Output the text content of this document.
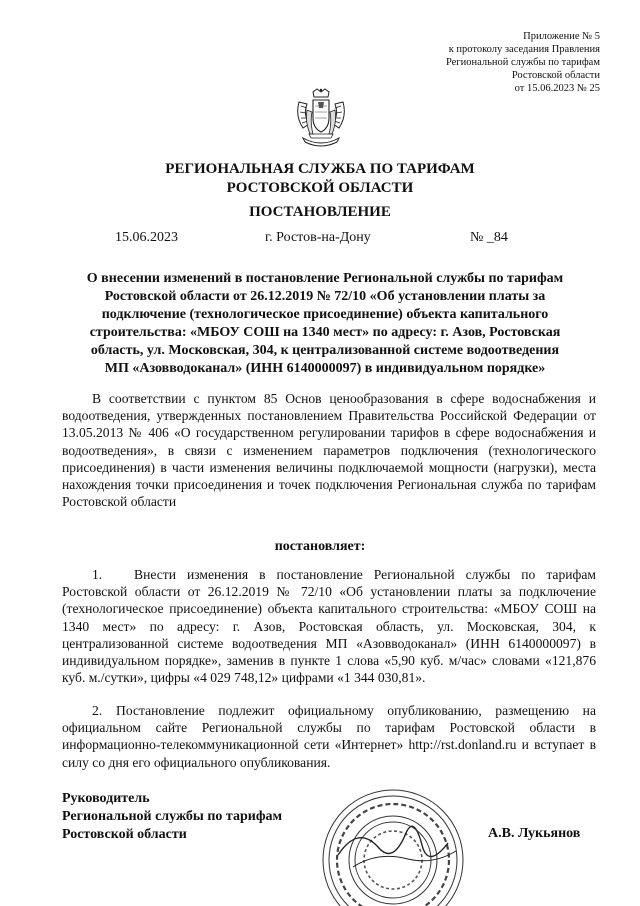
Приложение № 5
к протоколу заседания Правления
Региональной службы по тарифам
Ростовской области
от 15.06.2023 № 25
РЕГИОНАЛЬНАЯ СЛУЖБА ПО ТАРИФАМ
РОСТОВСКОЙ ОБЛАСТИ
ПОСТАНОВЛЕНИЕ
15.06.2023	г. Ростов-на-Дону	№ _84
О внесении изменений в постановление Региональной службы по тарифам
Ростовской области от 26.12.2019 № 72/10 «Об установлении платы за
подключение (технологическое присоединение) объекта капитального
строительства: «МБОУ СОШ на 1340 мест» по адресу: г. Азов, Ростовская
область, ул. Московская, 304, к централизованной системе водоотведения
МП «Азовводоканал» (ИНН 6140000097) в индивидуальном порядке»
В соответствии с пунктом 85 Основ ценообразования в сфере водоснабжения и водоотведения, утвержденных постановлением Правительства Российской Федерации от 13.05.2013 № 406 «О государственном регулировании тарифов в сфере водоснабжения и водоотведения», в связи с изменением параметров подключения (технологического присоединения) в части изменения величины подключаемой мощности (нагрузки), места нахождения точки присоединения и точек подключения Региональная служба по тарифам Ростовской области
постановляет:
1. Внести изменения в постановление Региональной службы по тарифам Ростовской области от 26.12.2019 № 72/10 «Об установлении платы за подключение (технологическое присоединение) объекта капитального строительства: «МБОУ СОШ на 1340 мест» по адресу: г. Азов, Ростовская область, ул. Московская, 304, к централизованной системе водоотведения МП «Азовводоканал» (ИНН 6140000097) в индивидуальном порядке», заменив в пункте 1 слова «5,90 куб. м/час» словами «121,876 куб. м./сутки», цифры «4 029 748,12» цифрами «1 344 030,81».
2. Постановление подлежит официальному опубликованию, размещению на официальном сайте Региональной службы по тарифам Ростовской области в информационно-телекоммуникационной сети «Интернет» http://rst.donland.ru и вступает в силу со дня его официального опубликования.
Руководитель
Региональной службы по тарифам
Ростовской области	А.В. Лукьянов
